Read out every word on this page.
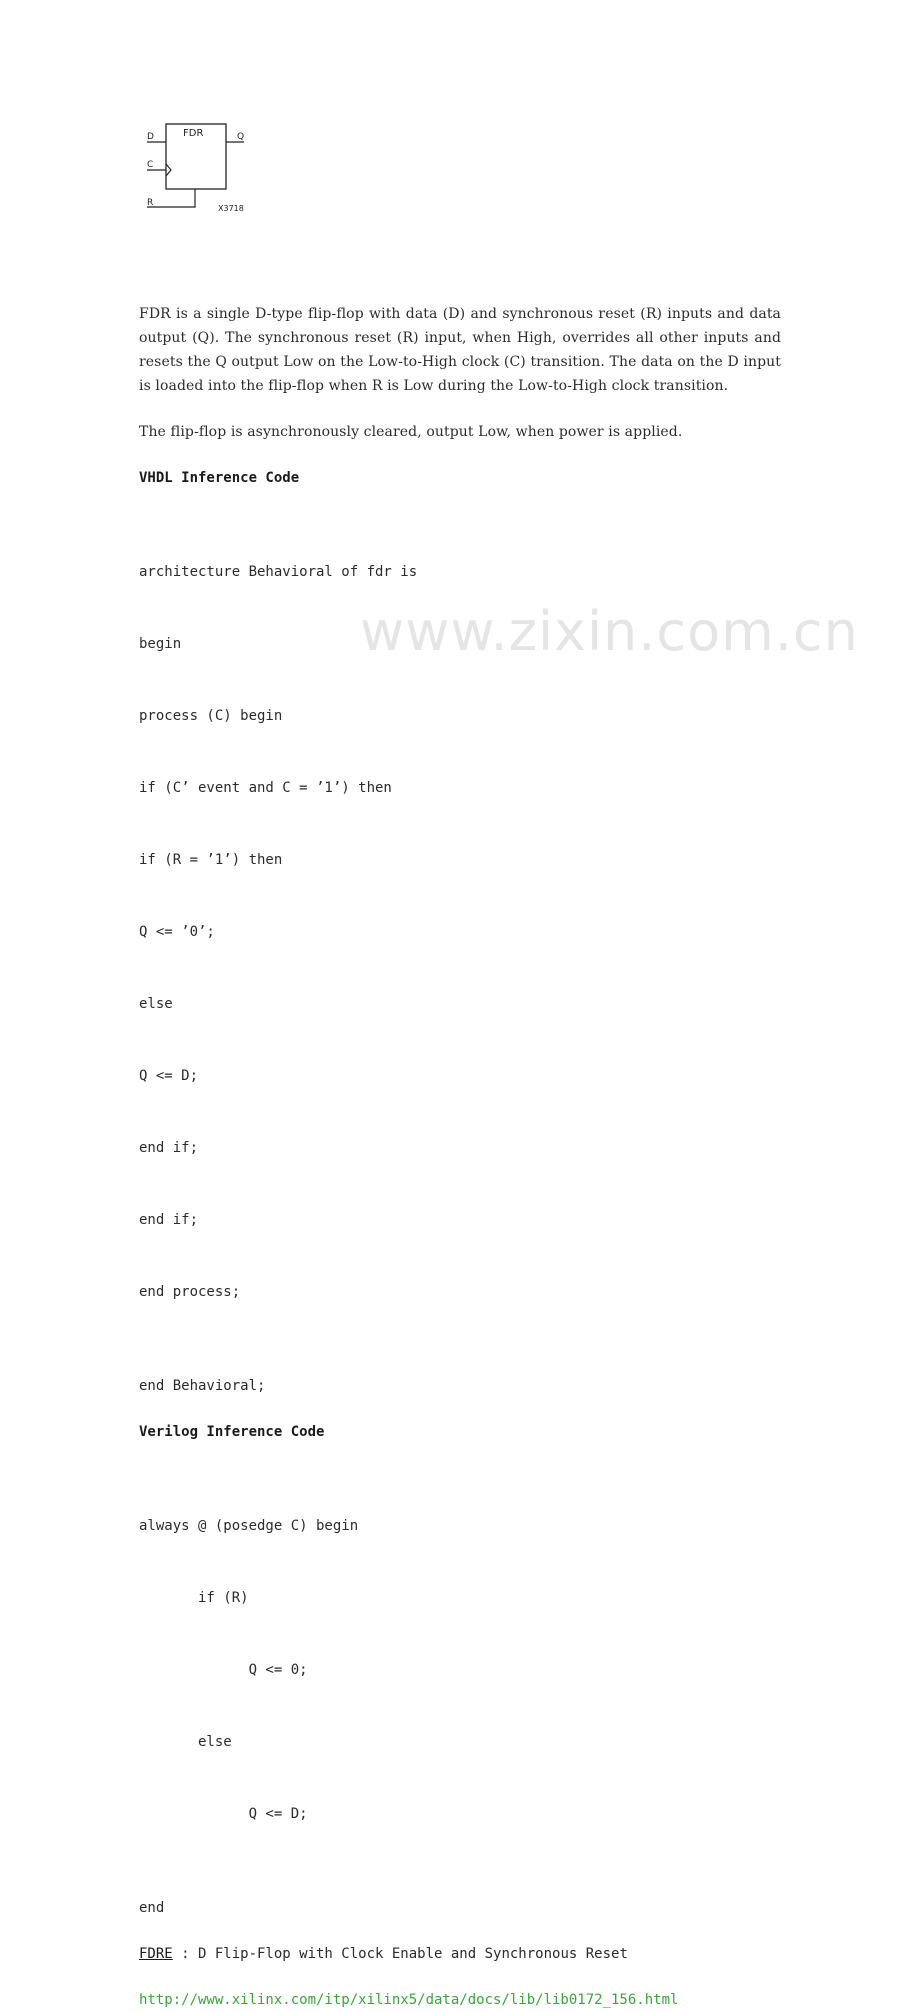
FDR
D
C
R
Q
X3718

FDR is a single D-type flip-flop with data (D) and synchronous reset (R) inputs and data output (Q). The synchronous reset (R) input, when High, overrides all other inputs and resets the Q output Low on the Low-to-High clock (C) transition. The data on the D input is loaded into the flip-flop when R is Low during the Low-to-High clock transition.

The flip-flop is asynchronously cleared, output Low, when power is applied.

VHDL Inference Code

architecture Behavioral of fdr is

begin

process (C) begin

if (C’ event and C = ’1’) then

if (R = ’1’) then

Q <= ’0’;

else

Q <= D;

end if;

end if;

end process;

end Behavioral;
Verilog Inference Code

always @ (posedge C) begin

if (R)

Q <= 0;

else

Q <= D;

end
FDRE : D Flip-Flop with Clock Enable and Synchronous Reset
http://www.xilinx.com/itp/xilinx5/data/docs/lib/lib0172_156.html
www.zixin.com.cn
